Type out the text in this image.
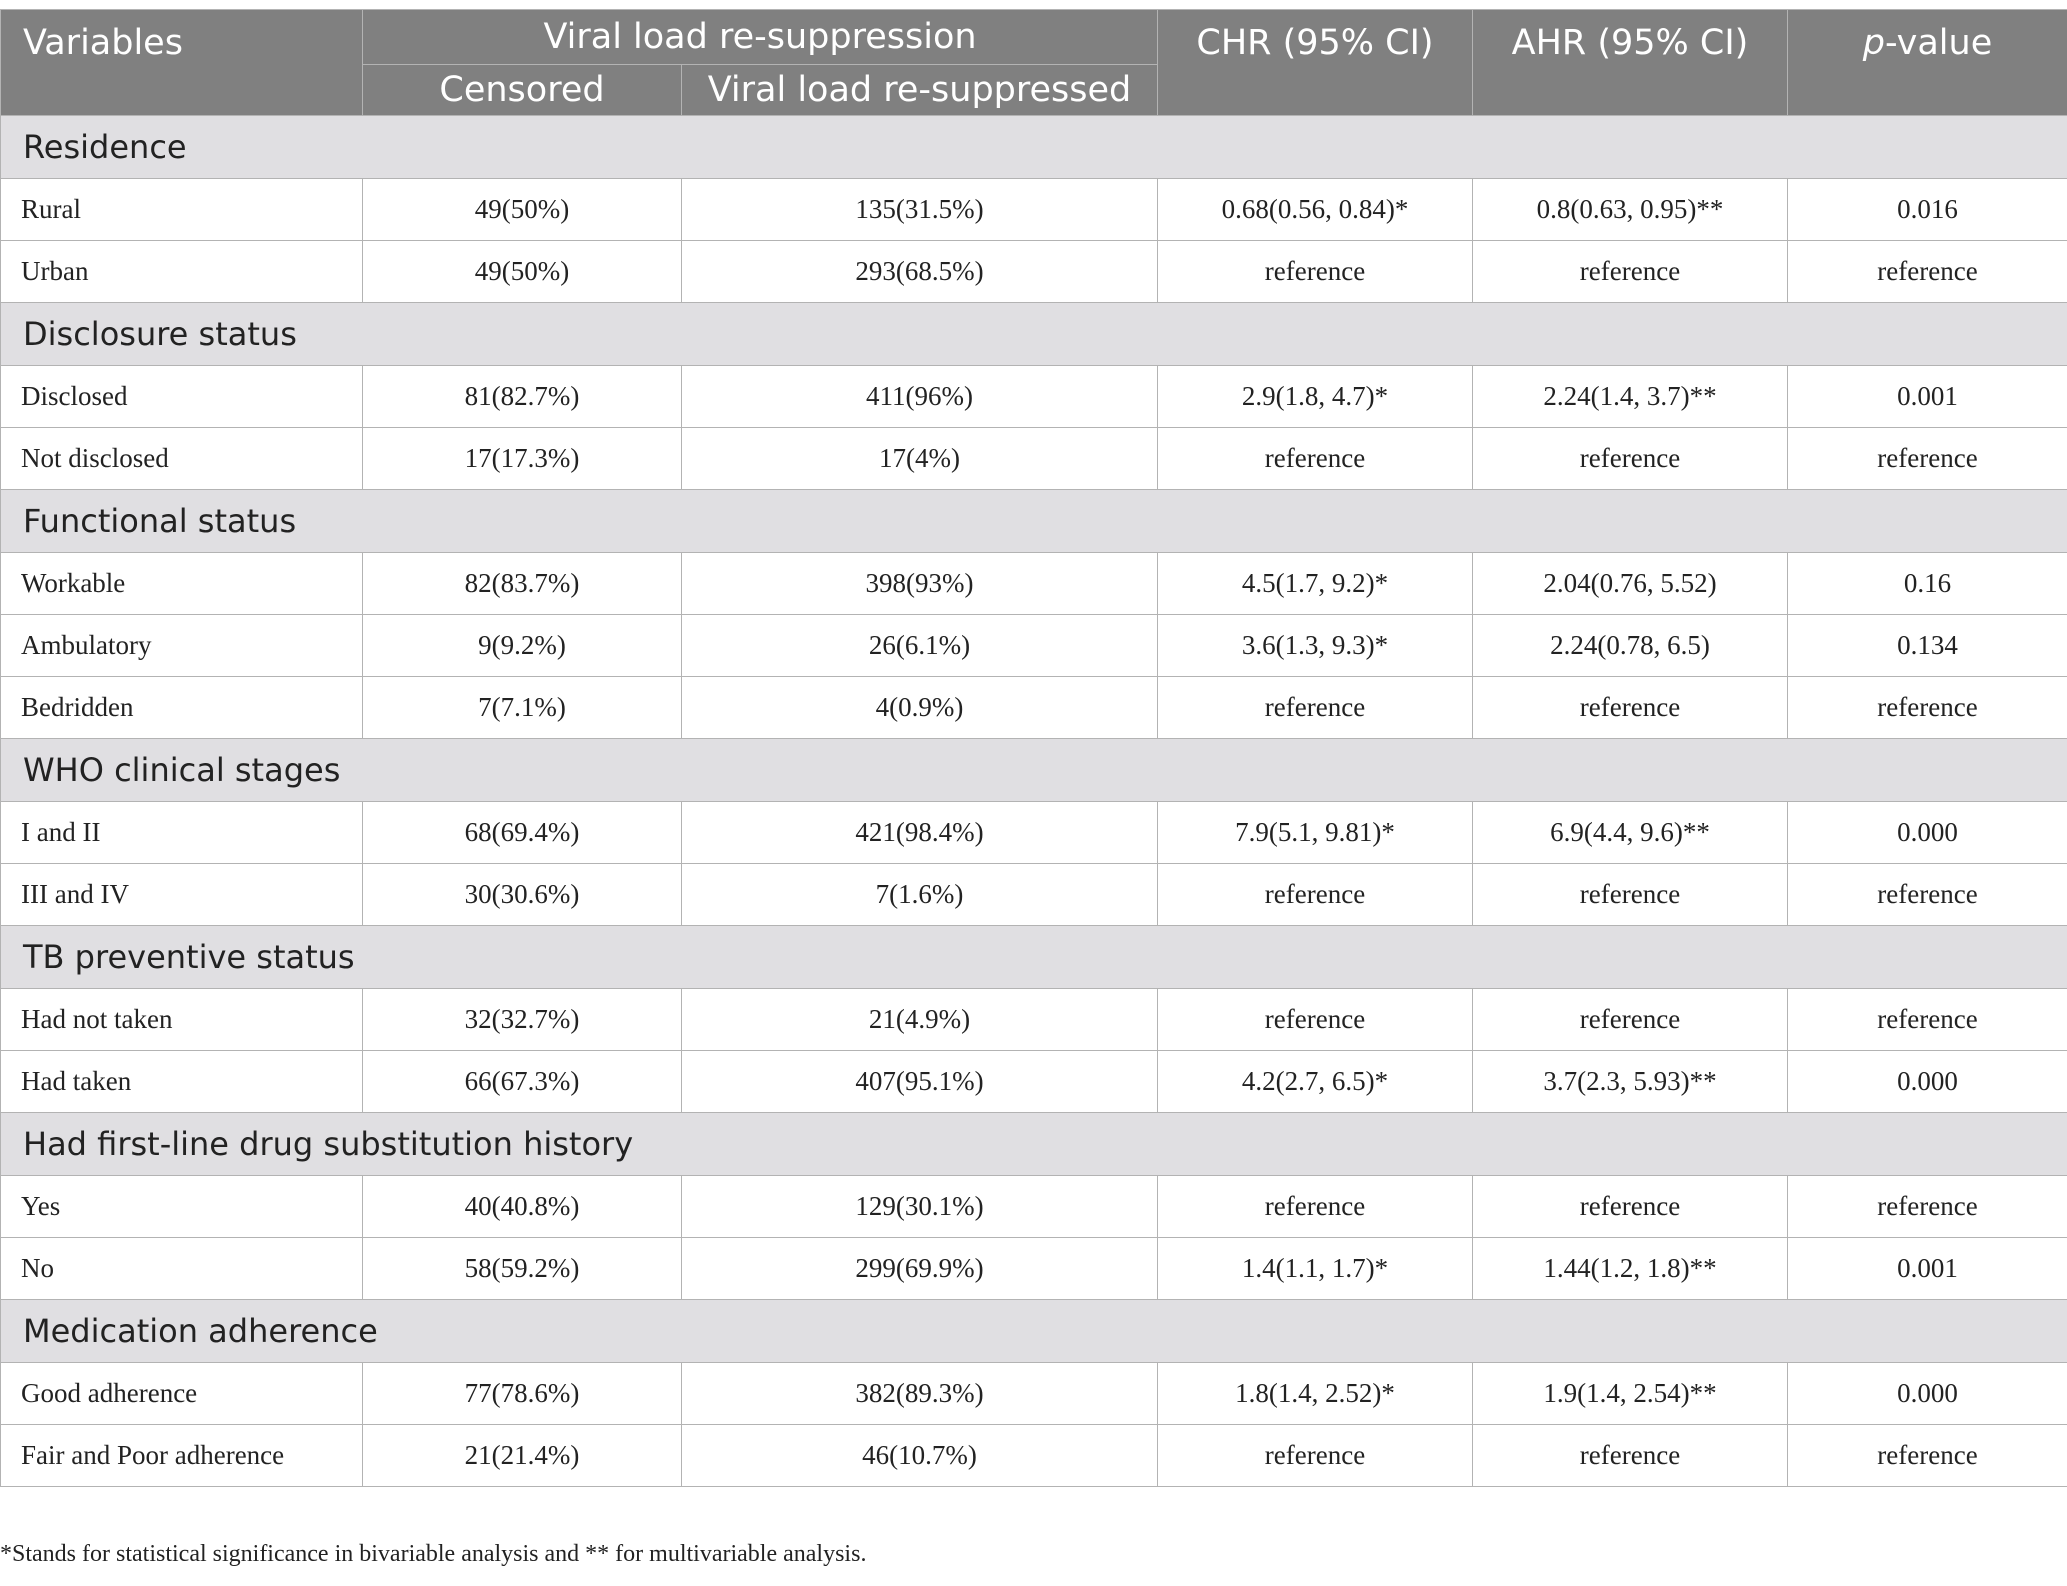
Variables	Viral load re-suppression		CHR (95% CI)	AHR (95% CI)	p-value
	Censored	Viral load re-suppressed			
Residence					
Rural	49(50%)	135(31.5%)	0.68(0.56, 0.84)*	0.8(0.63, 0.95)**	0.016
Urban	49(50%)	293(68.5%)	reference	reference	reference
Disclosure status					
Disclosed	81(82.7%)	411(96%)	2.9(1.8, 4.7)*	2.24(1.4, 3.7)**	0.001
Not disclosed	17(17.3%)	17(4%)	reference	reference	reference
Functional status					
Workable	82(83.7%)	398(93%)	4.5(1.7, 9.2)*	2.04(0.76, 5.52)	0.16
Ambulatory	9(9.2%)	26(6.1%)	3.6(1.3, 9.3)*	2.24(0.78, 6.5)	0.134
Bedridden	7(7.1%)	4(0.9%)	reference	reference	reference
WHO clinical stages					
I and II	68(69.4%)	421(98.4%)	7.9(5.1, 9.81)*	6.9(4.4, 9.6)**	0.000
III and IV	30(30.6%)	7(1.6%)	reference	reference	reference
TB preventive status					
Had not taken	32(32.7%)	21(4.9%)	reference	reference	reference
Had taken	66(67.3%)	407(95.1%)	4.2(2.7, 6.5)*	3.7(2.3, 5.93)**	0.000
Had first-line drug substitution history					
Yes	40(40.8%)	129(30.1%)	reference	reference	reference
No	58(59.2%)	299(69.9%)	1.4(1.1, 1.7)*	1.44(1.2, 1.8)**	0.001
Medication adherence					
Good adherence	77(78.6%)	382(89.3%)	1.8(1.4, 2.52)*	1.9(1.4, 2.54)**	0.000
Fair and Poor adherence	21(21.4%)	46(10.7%)	reference	reference	reference
*Stands for statistical significance in bivariable analysis and ** for multivariable analysis.
